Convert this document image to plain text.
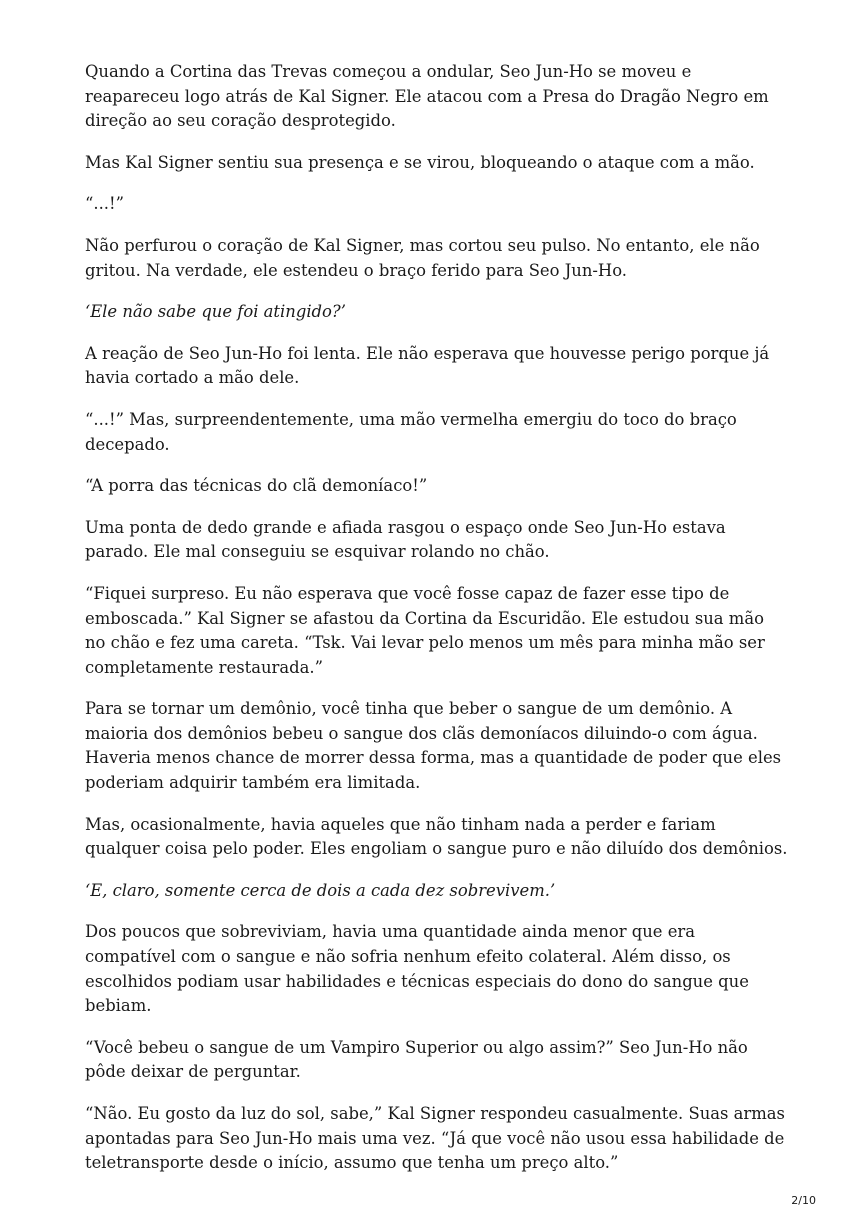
Quando a Cortina das Trevas começou a ondular, Seo Jun-Ho se moveu e reapareceu logo atrás de Kal Signer. Ele atacou com a Presa do Dragão Negro em direção ao seu coração desprotegido.

Mas Kal Signer sentiu sua presença e se virou, bloqueando o ataque com a mão.

“...!”

Não perfurou o coração de Kal Signer, mas cortou seu pulso. No entanto, ele não gritou. Na verdade, ele estendeu o braço ferido para Seo Jun-Ho.

‘Ele não sabe que foi atingido?’

A reação de Seo Jun-Ho foi lenta. Ele não esperava que houvesse perigo porque já havia cortado a mão dele.

“...!” Mas, surpreendentemente, uma mão vermelha emergiu do toco do braço decepado.

“A porra das técnicas do clã demoníaco!”

Uma ponta de dedo grande e afiada rasgou o espaço onde Seo Jun-Ho estava parado. Ele mal conseguiu se esquivar rolando no chão.

“Fiquei surpreso. Eu não esperava que você fosse capaz de fazer esse tipo de emboscada.” Kal Signer se afastou da Cortina da Escuridão. Ele estudou sua mão no chão e fez uma careta. “Tsk. Vai levar pelo menos um mês para minha mão ser completamente restaurada.”

Para se tornar um demônio, você tinha que beber o sangue de um demônio. A maioria dos demônios bebeu o sangue dos clãs demoníacos diluindo-o com água. Haveria menos chance de morrer dessa forma, mas a quantidade de poder que eles poderiam adquirir também era limitada.

Mas, ocasionalmente, havia aqueles que não tinham nada a perder e fariam qualquer coisa pelo poder. Eles engoliam o sangue puro e não diluído dos demônios.

‘E, claro, somente cerca de dois a cada dez sobrevivem.’

Dos poucos que sobreviviam, havia uma quantidade ainda menor que era compatível com o sangue e não sofria nenhum efeito colateral. Além disso, os escolhidos podiam usar habilidades e técnicas especiais do dono do sangue que bebiam.

“Você bebeu o sangue de um Vampiro Superior ou algo assim?” Seo Jun-Ho não pôde deixar de perguntar.

“Não. Eu gosto da luz do sol, sabe,” Kal Signer respondeu casualmente. Suas armas apontadas para Seo Jun-Ho mais uma vez. “Já que você não usou essa habilidade de teletransporte desde o início, assumo que tenha um preço alto.”

2/10
